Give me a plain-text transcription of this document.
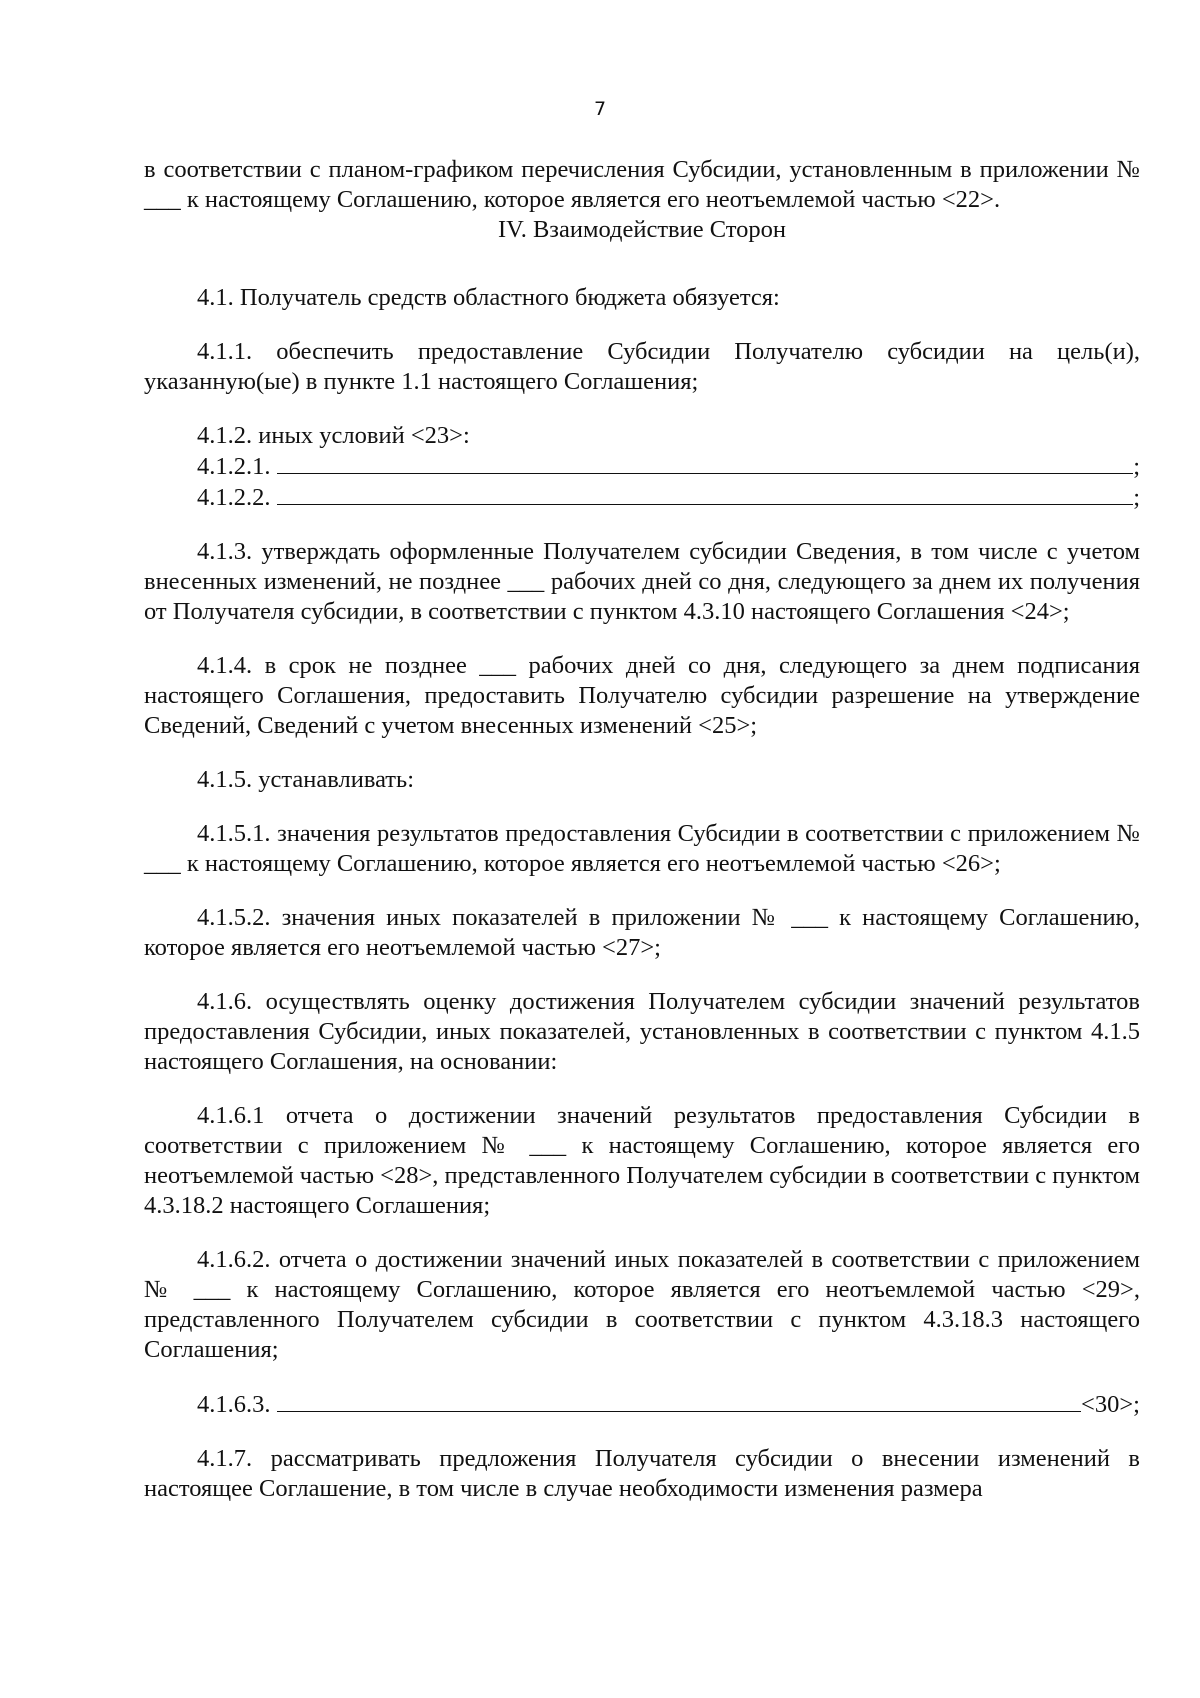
7

в соответствии с планом-графиком перечисления Субсидии, установленным в приложении № ___ к настоящему Соглашению, которое является его неотъемлемой частью <22>.

IV. Взаимодействие Сторон

4.1. Получатель средств областного бюджета обязуется:

4.1.1. обеспечить предоставление Субсидии Получателю субсидии на цель(и), указанную(ые) в пункте 1.1 настоящего Соглашения;

4.1.2. иных условий <23>:

4.1.2.1.	;
4.1.2.2.	;

4.1.3. утверждать оформленные Получателем субсидии Сведения, в том числе с учетом внесенных изменений, не позднее ___ рабочих дней со дня, следующего за днем их получения от Получателя субсидии, в соответствии с пунктом 4.3.10 настоящего Соглашения <24>;

4.1.4. в срок не позднее ___ рабочих дней со дня, следующего за днем подписания настоящего Соглашения, предоставить Получателю субсидии разрешение на утверждение Сведений, Сведений с учетом внесенных изменений <25>;

4.1.5. устанавливать:

4.1.5.1. значения результатов предоставления Субсидии в соответствии с приложением № ___ к настоящему Соглашению, которое является его неотъемлемой частью <26>;

4.1.5.2. значения иных показателей в приложении № ___ к настоящему Соглашению, которое является его неотъемлемой частью <27>;

4.1.6. осуществлять оценку достижения Получателем субсидии значений результатов предоставления Субсидии, иных показателей, установленных в соответствии с пунктом 4.1.5 настоящего Соглашения, на основании:

4.1.6.1 отчета о достижении значений результатов предоставления Субсидии в соответствии с приложением № ___ к настоящему Соглашению, которое является его неотъемлемой частью <28>, представленного Получателем субсидии в соответствии с пунктом 4.3.18.2 настоящего Соглашения;

4.1.6.2. отчета о достижении значений иных показателей в соответствии с приложением № ___ к настоящему Соглашению, которое является его неотъемлемой частью <29>, представленного Получателем субсидии в соответствии с пунктом 4.3.18.3 настоящего Соглашения;

4.1.6.3.	<30>;

4.1.7. рассматривать предложения Получателя субсидии о внесении изменений в настоящее Соглашение, в том числе в случае необходимости изменения размера
